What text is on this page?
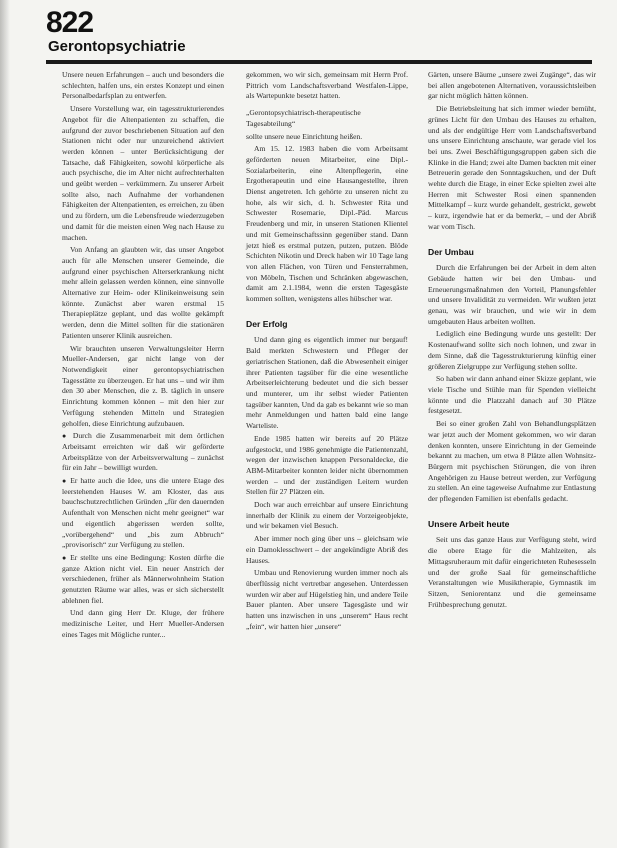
822
Gerontopsychiatrie

Unsere neuen Erfahrungen – auch und besonders die schlechten, halfen uns, ein erstes Konzept und einen Personalbedarfsplan zu entwerfen.

Unsere Vorstellung war, ein tagesstrukturierendes Angebot für die Altenpatienten zu schaffen, die aufgrund der zuvor beschriebenen Situation auf den Stationen nicht oder nur unzureichend aktiviert werden können – unter Berücksichtigung der Tatsache, daß Fähigkeiten, sowohl körperliche als auch psychische, die im Alter nicht aufrechterhalten und geübt werden – verkümmern. Zu unserer Arbeit sollte also, nach Aufnahme der vorhandenen Fähigkeiten der Altenpatienten, es erreichen, zu üben und zu fördern, um die Lebensfreude wiederzugeben und damit für die meisten einen Weg nach Hause zu machen.

Von Anfang an glaubten wir, das unser Angebot auch für alle Menschen unserer Gemeinde, die aufgrund einer psychischen Alterserkrankung nicht mehr allein gelassen werden können, eine sinnvolle Alternative zur Heim- oder Klinikeinweisung sein könnte. Zunächst aber waren erstmal 15 Therapieplätze geplant, und das wollte gekämpft werden, denn die Mittel sollten für die stationären Patienten unserer Klinik ausreichen.

Wir brauchten unseren Verwaltungsleiter Herrn Mueller-Andersen, gar nicht lange von der Notwendigkeit einer gerontopsychiatrischen Tagesstätte zu überzeugen. Er hat uns – und wir ihm den 30 aber Menschen, die z. B. täglich in unsere Einrichtung kommen können – mit den hier zur Verfügung stehenden Mitteln und Strategien geholfen, diese Einrichtung aufzubauen.

● Durch die Zusammenarbeit mit dem örtlichen Arbeitsamt erreichten wir daß wir geförderte Arbeitsplätze von der Arbeitsverwaltung – zunächst für ein Jahr – bewilligt wurden.

● Er hatte auch die Idee, uns die untere Etage des leerstehenden Hauses W. am Kloster, das aus bauchschutzrechtlichen Gründen „für den dauernden Aufenthalt von Menschen nicht mehr geeignet“ war und eigentlich abgerissen werden sollte, „vorübergehend“ und „bis zum Abbruch“ „provisorisch“ zur Verfügung zu stellen.

● Er stellte uns eine Bedingung: Kosten dürfte die ganze Aktion nicht viel. Ein neuer Anstrich der verschiedenen, früher als Männerwohnheim Station genutzten Räume war alles, was er sich sicherstellt ablehnen fiel.

Und dann ging Herr Dr. Kluge, der frühere medizinische Leiter, und Herr Mueller-Andersen eines Tages mit Mögliche runter...

gekommen, wo wir sich, gemeinsam mit Herrn Prof. Pittrich vom Landschaftsverband Westfalen-Lippe, als Wartepunkte besetzt hatten.

„Gerontopsychiatrisch-therapeutische Tagesabteilung“

sollte unsere neue Einrichtung heißen.

Am 15. 12. 1983 haben die vom Arbeitsamt geförderten neuen Mitarbeiter, eine Dipl.-Sozialarbeiterin, eine Altenpflegerin, eine Ergotherapeutin und eine Hausangestellte, ihren Dienst angetreten. Ich gehörte zu unseren nicht zu hohe, als wir sich, d. h. Schwester Rita und Schwester Rosemarie, Dipl.-Päd. Marcus Freudenberg und mir, in unseren Stationen Klientel und mit Gemeinschaftssinn gegenüber stand. Dann jetzt hieß es erstmal putzen, putzen, putzen. Blöde Schichten Nikotin und Dreck haben wir 10 Tage lang von allen Flächen, von Türen und Fensterrahmen, von Möbeln, Tischen und Schränken abgewaschen, damit am 2.1.1984, wenn die ersten Tagesgäste kommen sollten, wenigstens alles hübscher war.

Der Erfolg

Und dann ging es eigentlich immer nur bergauf! Bald merkten Schwestern und Pfleger der geriatrischen Stationen, daß die Abwesenheit einiger ihrer Patienten tagsüber für die eine wesentliche Arbeitserleichterung bedeutet und die sich besser und munterer, um ihr selbst wieder Patienten tagsüber kannten, Und da gab es bekannt wie so man mehr Anmeldungen und hatten bald eine lange Warteliste.

Ende 1985 hatten wir bereits auf 20 Plätze aufgestockt, und 1986 genehmigte die Patientenzahl, wegen der inzwischen knappen Personaldecke, die ABM-Mitarbeiter konnten leider nicht übernommen werden – und der zuständigen Leitern wurden Stellen für 27 Plätzen ein.

Doch war auch erreichbar auf unsere Einrichtung innerhalb der Klinik zu einem der Vorzeigeobjekte, und wir bekamen viel Besuch.

Aber immer noch ging über uns – gleichsam wie ein Damoklesschwert – der angekündigte Abriß des Hauses.

Umbau und Renovierung wurden immer noch als überflüssig nicht vertretbar angesehen. Unterdessen wurden wir aber auf Hügelstieg hin, und andere Teile Bauer planten. Aber unsere Tagesgäste und wir hatten uns inzwischen in uns „unserem“ Haus recht „fein“, wir hatten hier „unsere“

Gärten, unsere Bäume „unsere zwei Zugänge“, das wir bei allen angebotenen Alternativen, voraussichtsleiben gar nicht möglich hätten können.

Die Betriebsleitung hat sich immer wieder bemüht, grünes Licht für den Umbau des Hauses zu erhalten, und als der endgültige Herr vom Landschaftsverband uns unsere Einrichtung anschaute, war gerade viel los bei uns. Zwei Beschäftigungsgruppen gaben sich die Klinke in die Hand; zwei alte Damen backten mit einer Betreuerin gerade den Sonntagskuchen, und der Duft wehte durch die Etage, in einer Ecke spielten zwei alte Herren mit Schwester Rosi einen spannenden Mittelkampf – kurz wurde gehandelt, gestrickt, gewebt – kurz, irgendwie hat er da bemerkt, – und der Abriß war vom Tisch.

Der Umbau

Durch die Erfahrungen bei der Arbeit in dem alten Gebäude hatten wir bei den Umbau- und Erneuerungsmaßnahmen den Vorteil, Planungsfehler und unsere Invalidität zu vermeiden. Wir wußten jetzt genau, was wir brauchen, und wie wir in dem umgebauten Haus arbeiten wollten.

Lediglich eine Bedingung wurde uns gestellt: Der Kostenaufwand sollte sich noch lohnen, und zwar in dem Sinne, daß die Tagesstrukturierung künftig einer größeren Zielgruppe zur Verfügung stehen sollte.

So haben wir dann anhand einer Skizze geplant, wie viele Tische und Stühle man für Spenden vielleicht könnte und die Platzzahl danach auf 30 Plätze festgesetzt.

Bei so einer großen Zahl von Behandlungsplätzen war jetzt auch der Moment gekommen, wo wir daran denken konnten, unsere Einrichtung in der Gemeinde bekannt zu machen, um etwa 8 Plätze allen Wohnsitz-Bürgern mit psychischen Störungen, die von ihren Angehörigen zu Hause betreut werden, zur Verfügung zu stellen. An eine tageweise Aufnahme zur Entlastung der pflegenden Familien ist ebenfalls gedacht.

Unsere Arbeit heute

Seit uns das ganze Haus zur Verfügung steht, wird die obere Etage für die Mahlzeiten, als Mittagsruheraum mit dafür eingerichteten Ruhesesseln und der große Saal für gemeinschaftliche Veranstaltungen wie Musiktherapie, Gymnastik im Sitzen, Seniorentanz und die gemeinsame Frühbesprechung genutzt.
